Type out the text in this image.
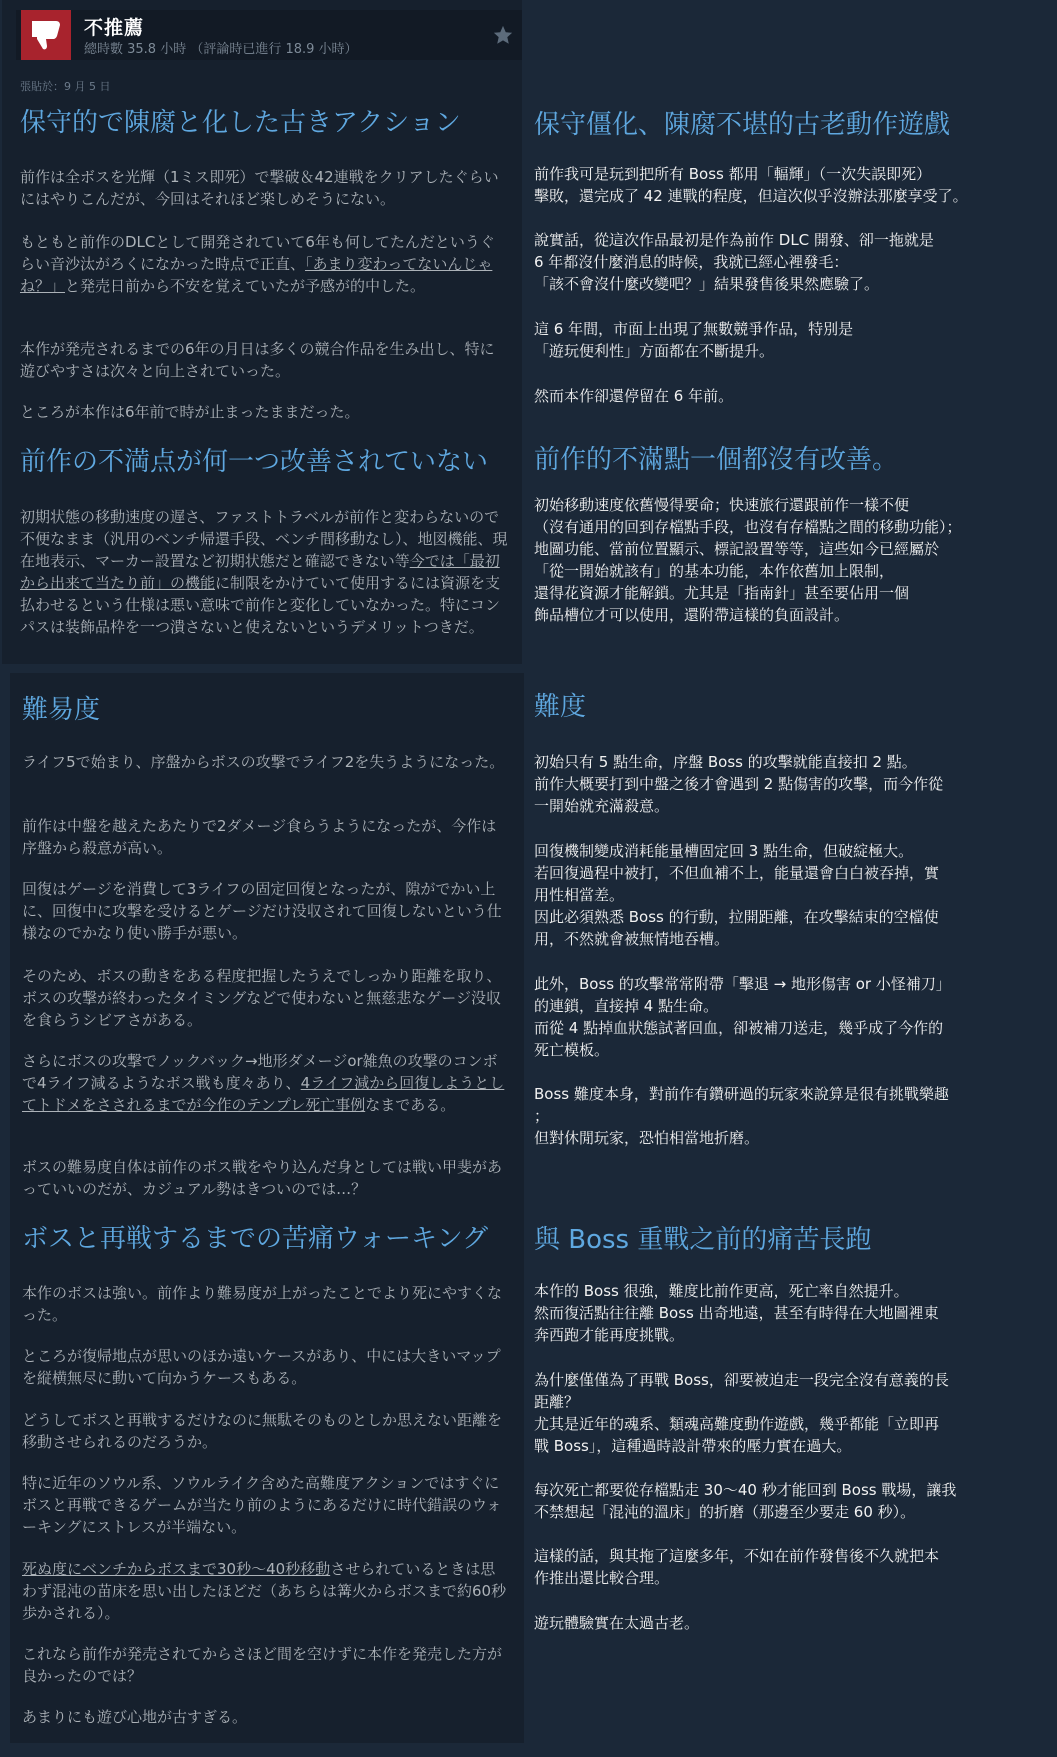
不推薦
總時數 35.8 小時 （評論時已進行 18.9 小時）
張貼於：9 月 5 日
保守的で陳腐と化した古きアクション

前作は全ボスを光輝（1ミス即死）で撃破＆42連戦をクリアしたぐらいにはやりこんだが、今回はそれほど楽しめそうにない。

もともと前作のDLCとして開発されていて6年も何してたんだというぐらい音沙汰がろくになかった時点で正直、「あまり変わってないんじゃね？」と発売日前から不安を覚えていたが予感が的中した。

本作が発売されるまでの6年の月日は多くの競合作品を生み出し、特に遊びやすさは次々と向上されていった。

ところが本作は6年前で時が止まったままだった。

前作の不満点が何一つ改善されていない

初期状態の移動速度の遅さ、ファストトラベルが前作と変わらないので不便なまま（汎用のベンチ帰還手段、ベンチ間移動なし）、地図機能、現在地表示、マーカー設置など初期状態だと確認できない等今では「最初から出来て当たり前」の機能に制限をかけていて使用するには資源を支払わせるという仕様は悪い意味で前作と変化していなかった。特にコンパスは装飾品枠を一つ潰さないと使えないというデメリットつきだ。

難易度

ライフ5で始まり、序盤からボスの攻撃でライフ2を失うようになった。

前作は中盤を越えたあたりで2ダメージ食らうようになったが、今作は序盤から殺意が高い。

回復はゲージを消費して3ライフの固定回復となったが、隙がでかい上に、回復中に攻撃を受けるとゲージだけ没収されて回復しないという仕様なのでかなり使い勝手が悪い。

そのため、ボスの動きをある程度把握したうえでしっかり距離を取り、ボスの攻撃が終わったタイミングなどで使わないと無慈悲なゲージ没収を食らうシビアさがある。

さらにボスの攻撃でノックバック→地形ダメージor雑魚の攻撃のコンボで4ライフ減るようなボス戦も度々あり、4ライフ減から回復しようとしてトドメをさされるまでが今作のテンプレ死亡事例なまである。

ボスの難易度自体は前作のボス戦をやり込んだ身としては戦い甲斐があっていいのだが、カジュアル勢はきついのでは…？

ボスと再戦するまでの苦痛ウォーキング

本作のボスは強い。前作より難易度が上がったことでより死にやすくなった。

ところが復帰地点が思いのほか遠いケースがあり、中には大きいマップを縦横無尽に動いて向かうケースもある。

どうしてボスと再戦するだけなのに無駄そのものとしか思えない距離を移動させられるのだろうか。

特に近年のソウル系、ソウルライク含めた高難度アクションではすぐにボスと再戦できるゲームが当たり前のようにあるだけに時代錯誤のウォーキングにストレスが半端ない。

死ぬ度にベンチからボスまで30秒～40秒移動させられているときは思わず混沌の苗床を思い出したほどだ（あちらは篝火からボスまで約60秒歩かされる）。

これなら前作が発売されてからさほど間を空けずに本作を発売した方が良かったのでは？

あまりにも遊び心地が古すぎる。

保守僵化、陳腐不堪的古老動作遊戲

前作我可是玩到把所有 Boss 都用「輻輝」（一次失誤即死）
擊敗，還完成了 42 連戰的程度，但這次似乎沒辦法那麼享受了。

說實話，從這次作品最初是作為前作 DLC 開發、卻一拖就是
6 年都沒什麼消息的時候，我就已經心裡發毛：
「該不會沒什麼改變吧？」結果發售後果然應驗了。

這 6 年間，市面上出現了無數競爭作品，特別是
「遊玩便利性」方面都在不斷提升。

然而本作卻還停留在 6 年前。

前作的不滿點一個都沒有改善。

初始移動速度依舊慢得要命；快速旅行還跟前作一樣不便
（沒有通用的回到存檔點手段，也沒有存檔點之間的移動功能）；
地圖功能、當前位置顯示、標記設置等等，這些如今已經屬於
「從一開始就該有」的基本功能，本作依舊加上限制，
還得花資源才能解鎖。尤其是「指南針」甚至要佔用一個
飾品槽位才可以使用，還附帶這樣的負面設計。

難度

初始只有 5 點生命，序盤 Boss 的攻擊就能直接扣 2 點。
前作大概要打到中盤之後才會遇到 2 點傷害的攻擊，而今作從
一開始就充滿殺意。

回復機制變成消耗能量槽固定回 3 點生命，但破綻極大。
若回復過程中被打，不但血補不上，能量還會白白被吞掉，實
用性相當差。
因此必須熟悉 Boss 的行動，拉開距離，在攻擊結束的空檔使
用，不然就會被無情地吞槽。

此外，Boss 的攻擊常常附帶「擊退 → 地形傷害 or 小怪補刀」
的連鎖，直接掉 4 點生命。
而從 4 點掉血狀態試著回血，卻被補刀送走，幾乎成了今作的
死亡模板。

Boss 難度本身，對前作有鑽研過的玩家來說算是很有挑戰樂趣
；
但對休閒玩家，恐怕相當地折磨。

與 Boss 重戰之前的痛苦長跑

本作的 Boss 很強，難度比前作更高，死亡率自然提升。
然而復活點往往離 Boss 出奇地遠，甚至有時得在大地圖裡東
奔西跑才能再度挑戰。

為什麼僅僅為了再戰 Boss，卻要被迫走一段完全沒有意義的長
距離？
尤其是近年的魂系、類魂高難度動作遊戲，幾乎都能「立即再
戰 Boss」，這種過時設計帶來的壓力實在過大。

每次死亡都要從存檔點走 30～40 秒才能回到 Boss 戰場，讓我
不禁想起「混沌的溫床」的折磨（那邊至少要走 60 秒）。

這樣的話，與其拖了這麼多年，不如在前作發售後不久就把本
作推出還比較合理。

遊玩體驗實在太過古老。
